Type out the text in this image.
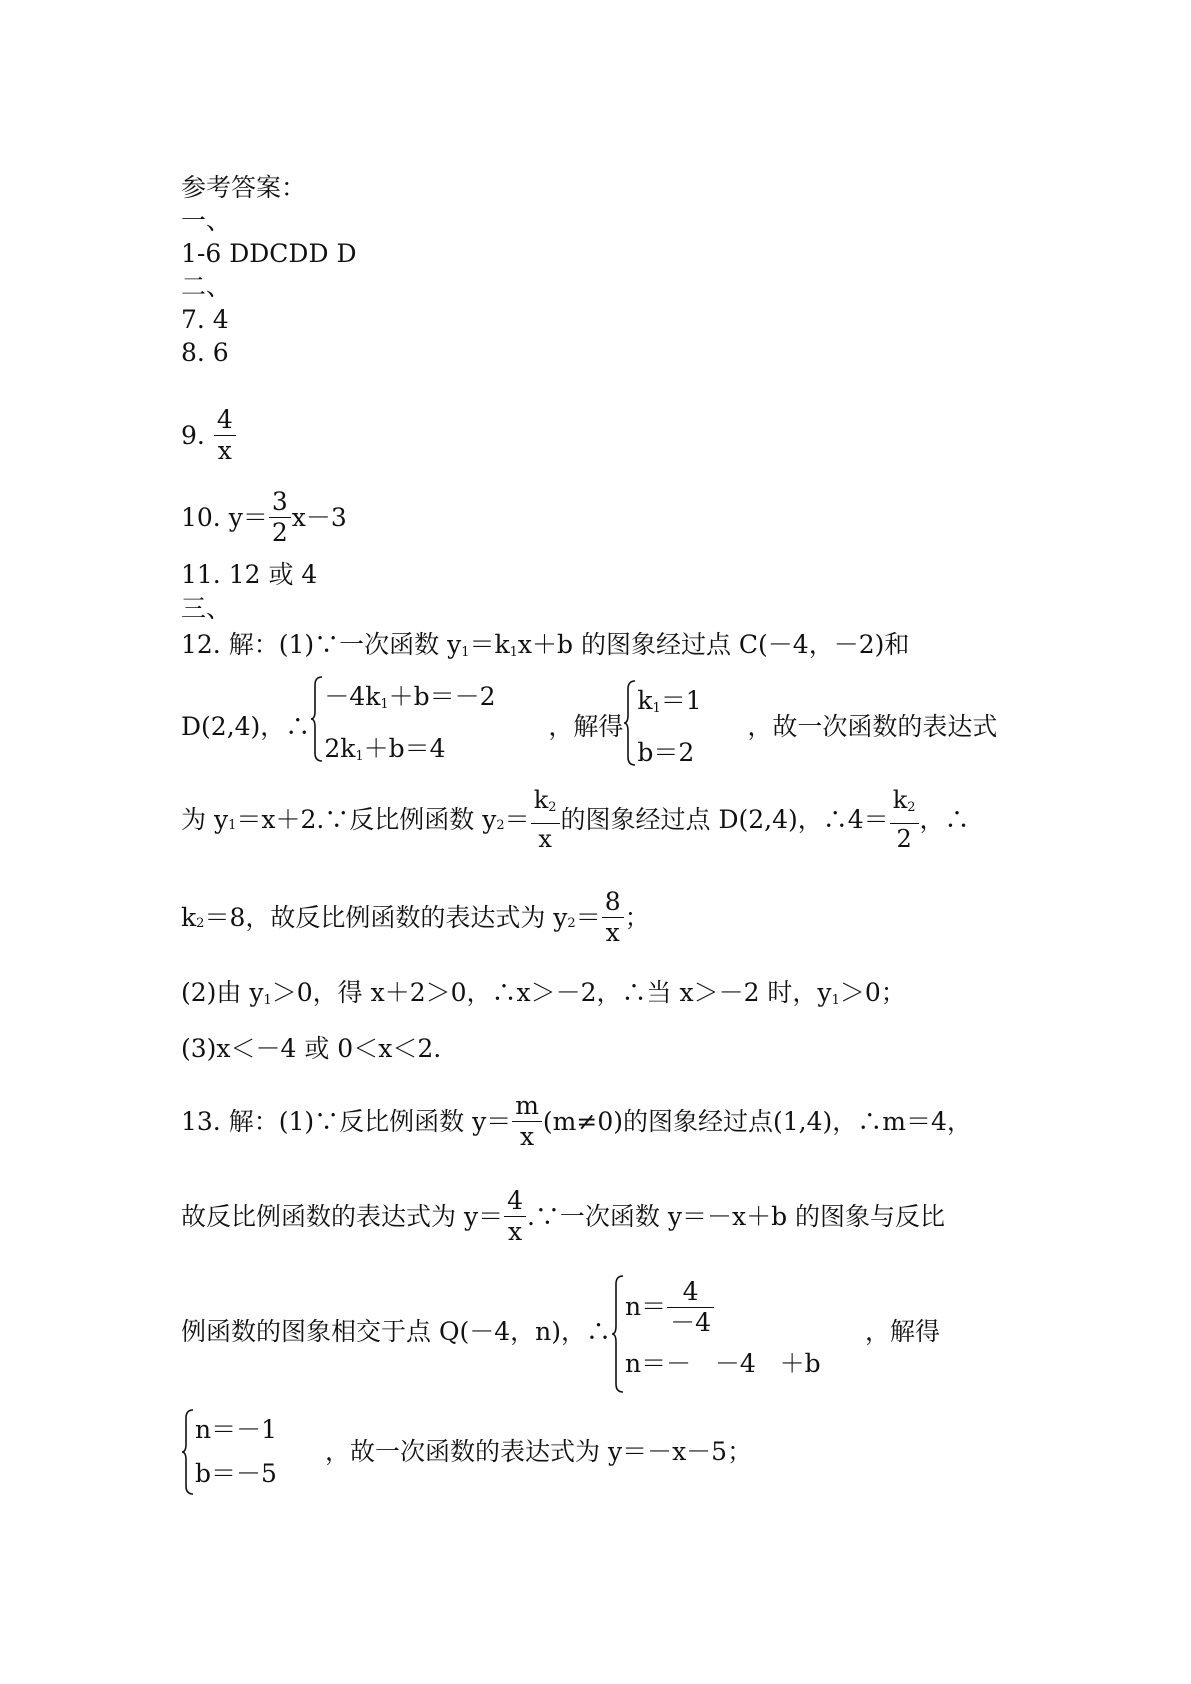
参考答案：
一、
1-6 DDCDD D
二、
7. 4
8. 6
9. $\frac{4}{x}$
10. $y= \frac{3}{2} x-3$
11. 12 或 4
三、
12. 解：(1)∵一次函数 $y_1=k_1x+b$ 的图象经过点 C(－4，－2)和
D(2,4)，∴
$-4k_1+b=-2$
$2k_1+b=4$
，解得
$k_1=1$
b＝2
，故一次函数的表达式
为 $y_1=x+2.\because$反比例函数 $y_2= \frac{k_2}{x}$ 的图象经过点 D(2,4)，∴4＝ $\frac{k_2}{2}$ ，∴
$k_2=8$，故反比例函数的表达式为 $y_2= \frac{8}{x}$ ；
(2)由 $y_1>0$，得 x＋2＞0，∴x＞－2，∴当 x＞－2 时，$y_1>0$；
(3)x＜－4 或 0＜x＜2.
13. 解：(1)∵反比例函数 $y= \frac{m}{x} (m\ne 0)$的图象经过点(1,4)，∴m＝4，
故反比例函数的表达式为 $y= \frac{4}{x}$ .∵一次函数 y＝－x＋b 的图象与反比
例函数的图象相交于点 Q(－4，n)，∴
$n= \frac{4}{-4}$
n＝－   －4   ＋b
，解得
n＝－1
b＝－5
，故一次函数的表达式为 y＝－x－5；
